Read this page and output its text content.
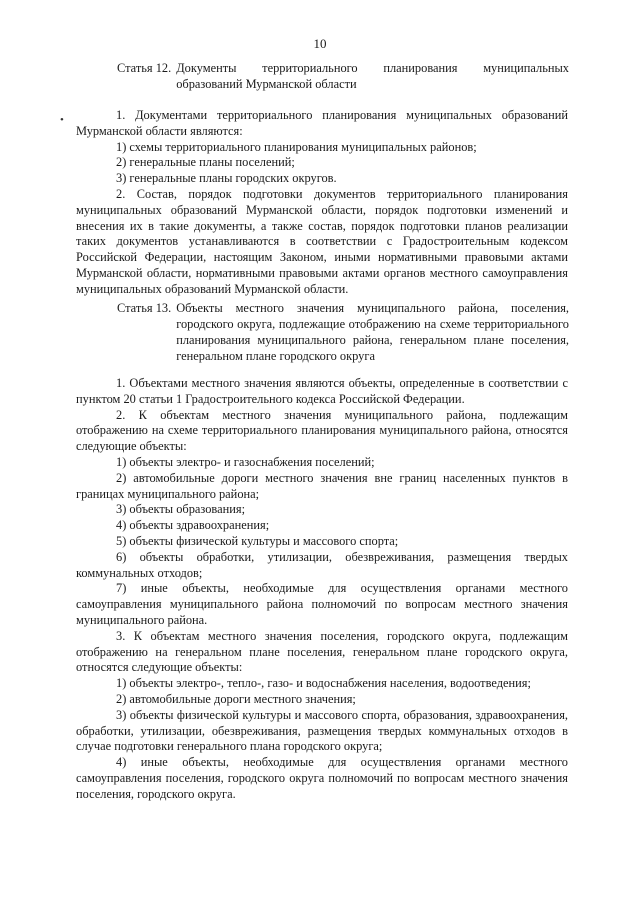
10
Статья 12. Документы территориального планирования муниципальных образований Мурманской области
•	1. Документами территориального планирования муниципальных образований Мурманской области являются:

1) схемы территориального планирования муниципальных районов;

2) генеральные планы поселений;

3) генеральные планы городских округов.

2. Состав, порядок подготовки документов территориального планирования муниципальных образований Мурманской области, порядок подготовки изменений и внесения их в такие документы, а также состав, порядок подготовки планов реализации таких документов устанавливаются в соответствии с Градостроительным кодексом Российской Федерации, настоящим Законом, иными нормативными правовыми актами Мурманской области, нормативными правовыми актами органов местного самоуправления муниципальных образований Мурманской области.

Статья 13. Объекты местного значения муниципального района, поселения, городского округа, подлежащие отображению на схеме территориального планирования муниципального района, генеральном плане поселения, генеральном плане городского округа

1. Объектами местного значения являются объекты, определенные в соответствии с пунктом 20 статьи 1 Градостроительного кодекса Российской Федерации.

2. К объектам местного значения муниципального района, подлежащим отображению на схеме территориального планирования муниципального района, относятся следующие объекты:

1) объекты электро- и газоснабжения поселений;

2) автомобильные дороги местного значения вне границ населенных пунктов в границах муниципального района;

3) объекты образования;

4) объекты здравоохранения;

5) объекты физической культуры и массового спорта;

6) объекты обработки, утилизации, обезвреживания, размещения твердых коммунальных отходов;

7) иные объекты, необходимые для осуществления органами местного самоуправления муниципального района полномочий по вопросам местного значения муниципального района.

3. К объектам местного значения поселения, городского округа, подлежащим отображению на генеральном плане поселения, генеральном плане городского округа, относятся следующие объекты:

1) объекты электро-, тепло-, газо- и водоснабжения населения, водоотведения;

2) автомобильные дороги местного значения;

3) объекты физической культуры и массового спорта, образования, здравоохранения, обработки, утилизации, обезвреживания, размещения твердых коммунальных отходов в случае подготовки генерального плана городского округа;

4) иные объекты, необходимые для осуществления органами местного самоуправления поселения, городского округа полномочий по вопросам местного значения поселения, городского округа.
